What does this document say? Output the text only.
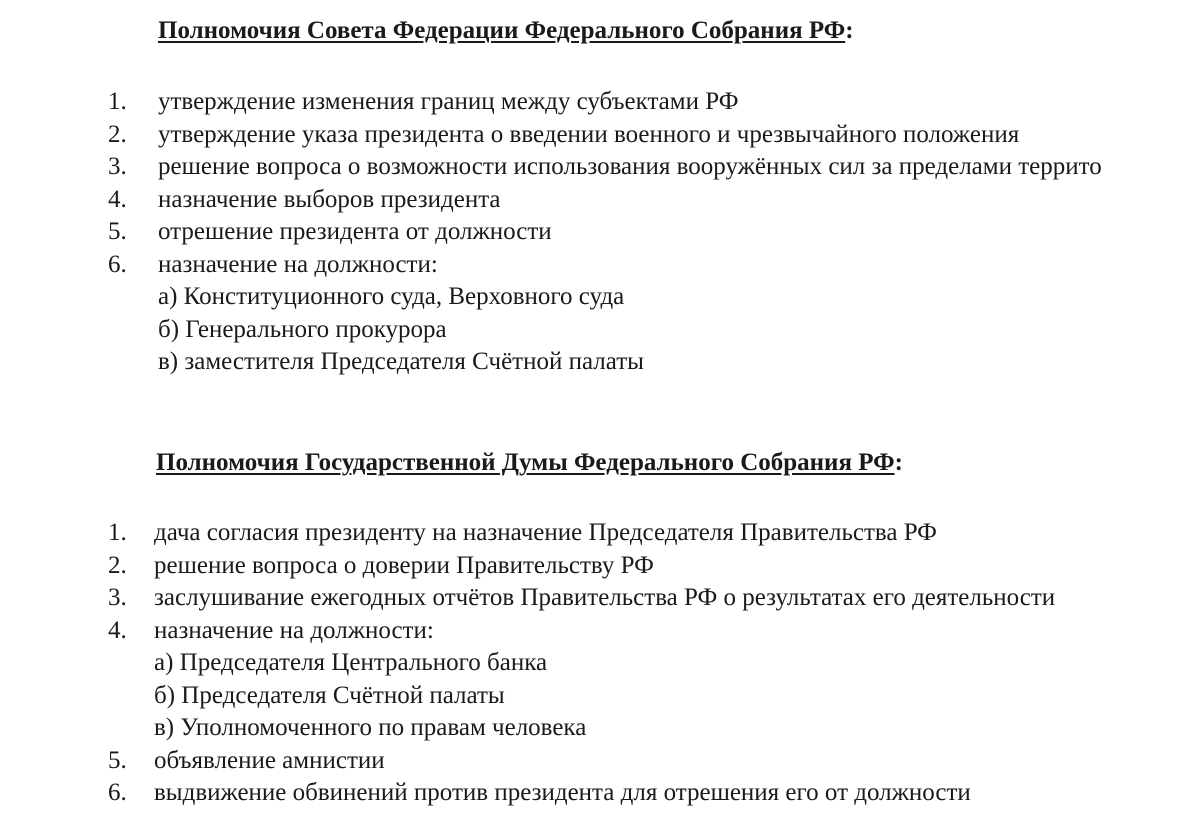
Полномочия Совета Федерации Федерального Собрания РФ:
1. утверждение изменения границ между субъектами РФ
2. утверждение указа президента о введении военного и чрезвычайного положения
3. решение вопроса о возможности использования вооружённых сил за пределами террито
4. назначение выборов президента
5. отрешение президента от должности
6. назначение на должности:
а) Конституционного суда, Верховного суда
б) Генерального прокурора
в) заместителя Председателя Счётной палаты
Полномочия Государственной Думы Федерального Собрания РФ:
1. дача согласия президенту на назначение Председателя Правительства РФ
2. решение вопроса о доверии Правительству РФ
3. заслушивание ежегодных отчётов Правительства РФ о результатах его деятельности
4. назначение на должности:
а) Председателя Центрального банка
б) Председателя Счётной палаты
в) Уполномоченного по правам человека
5. объявление амнистии
6. выдвижение обвинений против президента для отрешения его от должности
